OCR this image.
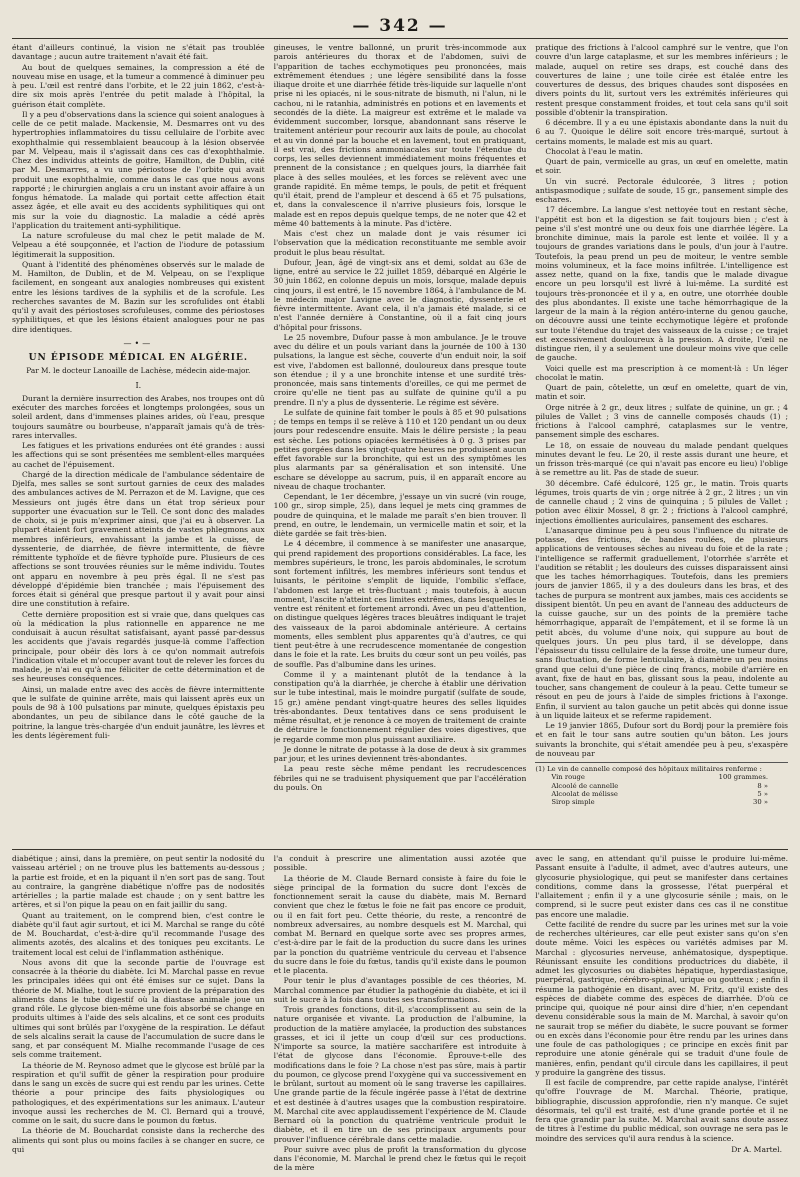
— 342 —

étant d'ailleurs continué, la vision ne s'était pas troublée davantage ; aucun autre traitement n'avait été fait.

Au bout de quelques semaines, la compression a été de nouveau mise en usage, et la tumeur a commencé à diminuer peu à peu. L'œil est rentré dans l'orbite, et le 22 juin 1862, c'est-à-dire six mois après l'entrée du petit malade à l'hôpital, la guérison était complète.

Il y a peu d'observations dans la science qui soient analogues à celle de ce petit malade. Mackensie, M. Desmarres ont vu des hypertrophies inflammatoires du tissu cellulaire de l'orbite avec exophthalmie qui ressemblaient beaucoup à la lésion observée par M. Velpeau, mais il s'agissait dans ces cas d'exophthalmie. Chez des individus atteints de goitre, Hamilton, de Dublin, cité par M. Desmarres, a vu une périostose de l'orbite qui avait produit une exophthalmie, comme dans le cas que nous avons rapporté ; le chirurgien anglais a cru un instant avoir affaire à un fongus hématode. La malade qui portait cette affection était assez âgée, et elle avait eu des accidents syphilitiques qui ont mis sur la voie du diagnostic. La maladie a cédé après l'application du traitement anti-syphilitique.

La nature scrofuleuse du mal chez le petit malade de M. Velpeau a été soupçonnée, et l'action de l'iodure de potassium légitimerait la supposition.

Quant à l'identité des phénomènes observés sur le malade de M. Hamilton, de Dublin, et de M. Velpeau, on se l'explique facilement, en songeant aux analogies nombreuses qui existent entre les lésions tardives de la syphilis et de la scrofule. Les recherches savantes de M. Bazin sur les scrofulides ont établi qu'il y avait des périostoses scrofuleuses, comme des périostoses syphilitiques, et que les lésions étaient analogues pour ne pas dire identiques.

—•—
UN ÉPISODE MÉDICAL EN ALGÉRIE.
Par M. le docteur Lanoaille de Lachèse, médecin aide-major.
I.

Durant la dernière insurrection des Arabes, nos troupes ont dû exécuter des marches forcées et longtemps prolongées, sous un soleil ardent, dans d'immenses plaines arides, où l'eau, presque toujours saumâtre ou bourbeuse, n'apparaît jamais qu'à de très-rares intervalles.

Les fatigues et les privations endurées ont été grandes : aussi les affections qui se sont présentées me semblent-elles marquées au cachet de l'épuisement.

Chargé de la direction médicale de l'ambulance sédentaire de Djelfa, mes salles se sont surtout garnies de ceux des malades des ambulances actives de M. Perrazon et de M. Lavigne, que ces Messieurs ont jugés être dans un état trop sérieux pour supporter une évacuation sur le Tell. Ce sont donc des malades de choix, si je puis m'exprimer ainsi, que j'ai eu à observer. La plupart étaient fort gravement atteints de vastes phlegmons aux membres inférieurs, envahissant la jambe et la cuisse, de dyssenterie, de diarrhée, de fièvre intermittente, de fièvre rémittente typhoïde et de fièvre typhoïde pure. Plusieurs de ces affections se sont trouvées réunies sur le même individu. Toutes ont apparu en novembre à peu près égal. Il ne s'est pas développé d'épidémie bien tranchée ; mais l'épuisement des forces était si général que presque partout il y avait pour ainsi dire une constitution à refaire.

Cette dernière proposition est si vraie que, dans quelques cas où la médication la plus rationnelle en apparence ne me conduisait à aucun résultat satisfaisant, ayant passé par-dessus les accidents que j'avais regardés jusque-là comme l'affection principale, pour obéir dès lors à ce qu'on nommait autrefois l'indication vitale et m'occuper avant tout de relever les forces du malade, je n'ai eu qu'à me féliciter de cette détermination et de ses heureuses conséquences.

Ainsi, un malade entre avec des accès de fièvre intermittente que le sulfate de quinine arrête, mais qui laissent après eux un pouls de 98 à 100 pulsations par minute, quelques épistaxis peu abondantes, un peu de sibilance dans le côté gauche de la poitrine, la langue très-chargée d'un enduit jaunâtre, les lèvres et les dents légèrement fuli-

gineuses, le ventre ballonné, un prurit très-incommode aux parois antérieures du thorax et de l'abdomen, suivi de l'apparition de taches ecchymotiques peu prononcées, mais extrêmement étendues ; une légère sensibilité dans la fosse iliaque droite et une diarrhée fétide très-liquide sur laquelle n'ont prise ni les opiacés, ni le sous-nitrate de bismuth, ni l'alun, ni le cachou, ni le ratanhia, administrés en potions et en lavements et secondés de la diète. La maigreur est extrême et le malade va évidemment succomber, lorsque, abandonnant sans réserve le traitement antérieur pour recourir aux laits de poule, au chocolat et au vin donné par la bouche et en lavement, tout en pratiquant, il est vrai, des frictions ammoniacales sur toute l'étendue du corps, les selles deviennent immédiatement moins fréquentes et prennent de la consistance ; en quelques jours, la diarrhée fait place à des selles moulées, et les forces se relèvent avec une grande rapidité. En même temps, le pouls, de petit et fréquent qu'il était, prend de l'ampleur et descend à 65 et 75 pulsations, et, dans la convalescence il n'arrive plusieurs fois, lorsque le malade est en repos depuis quelque temps, de ne noter que 42 et même 40 battements à la minute. Pas d'ictère.

Mais c'est chez un malade dont je vais résumer ici l'observation que la médication reconstituante me semble avoir produit le plus beau résultat.

Dufour, Jean, âgé de vingt-six ans et demi, soldat au 63e de ligne, entré au service le 22 juillet 1859, débarqué en Algérie le 30 juin 1862, en colonne depuis un mois, lorsque, malade depuis cinq jours, il est entré, le 15 novembre 1864, à l'ambulance de M. le médecin major Lavigne avec le diagnostic, dyssenterie et fièvre intermittente. Avant cela, il n'a jamais été malade, si ce n'est l'année dernière à Constantine, où il a fait cinq jours d'hôpital pour frissons.

Le 25 novembre, Dufour passe à mon ambulance. Je le trouve avec du délire et un pouls variant dans la journée de 100 à 130 pulsations, la langue est sèche, couverte d'un enduit noir, la soif est vive, l'abdomen est ballonné, douloureux dans presque toute son étendue ; il y a une bronchite intense et une surdité très-prononcée, mais sans tintements d'oreilles, ce qui me permet de croire qu'elle ne tient pas au sulfate de quinine qu'il a pu prendre. Il n'y a plus de dyssenterie. Le régime est sévère.

Le sulfate de quinine fait tomber le pouls à 85 et 90 pulsations ; de temps en temps il se relève à 110 et 120 pendant un ou deux jours pour redescendre ensuite. Mais le délire persiste ; la peau est sèche. Les potions opiacées kermétisées à 0 g. 3 prises par petites gorgées dans les vingt-quatre heures ne produisent aucun effet favorable sur la bronchite, qui est un des symptômes les plus alarmants par sa généralisation et son intensité. Une eschare se développe au sacrum, puis, il en apparaît encore au niveau de chaque trochanter.

Cependant, le 1er décembre, j'essaye un vin sucré (vin rouge, 100 gr., sirop simple, 25), dans lequel je mets cinq grammes de poudre de quinquina, et le malade me paraît s'en bien trouver. Il prend, en outre, le lendemain, un vermicelle matin et soir, et la diète gardée se fait très-bien.

Le 4 décembre, il commence à se manifester une anasarque, qui prend rapidement des proportions considérables. La face, les membres supérieurs, le tronc, les parois abdominales, le scrotum sont fortement infiltrés, les membres inférieurs sont tendus et luisants, le péritoine s'emplit de liquide, l'ombilic s'efface, l'abdomen est large et très-fluctuant ; mais toutefois, à aucun moment, l'ascite n'atteint ces limites extrêmes, dans lesquelles le ventre est rénitent et fortement arrondi. Avec un peu d'attention, on distingue quelques légères traces bleuâtres indiquant le trajet des vaisseaux de la paroi abdominale antérieure. A certains moments, elles semblent plus apparentes qu'à d'autres, ce qui tient peut-être à une recrudescence momentanée de congestion dans le foie et la rate. Les bruits du cœur sont un peu voilés, pas de souffle. Pas d'albumine dans les urines.

Comme il y a maintenant plutôt de la tendance à la constipation qu'à la diarrhée, je cherche à établir une dérivation sur le tube intestinal, mais le moindre purgatif (sulfate de soude, 15 gr.) amène pendant vingt-quatre heures des selles liquides très-abondantes. Deux tentatives dans ce sens produisent le même résultat, et je renonce à ce moyen de traitement de crainte de détruire le fonctionnement régulier des voies digestives, que je regarde comme mon plus puissant auxiliaire.

Je donne le nitrate de potasse à la dose de deux à six grammes par jour, et les urines deviennent très-abondantes.

La peau reste sèche même pendant les recrudescences fébriles qui ne se traduisent physiquement que par l'accélération du pouls. On

pratique des frictions à l'alcool camphré sur le ventre, que l'on couvre d'un large cataplasme, et sur les membres inférieurs ; le malade, auquel on retire ses draps, est couché dans des couvertures de laine ; une toile cirée est étalée entre les couvertures de dessus, des briques chaudes sont disposées en divers points du lit, surtout vers les extrémités inférieures qui restent presque constamment froides, et tout cela sans qu'il soit possible d'obtenir la transpiration.

6 décembre. Il y a eu une épistaxis abondante dans la nuit du 6 au 7. Quoique le délire soit encore très-marqué, surtout à certains moments, le malade est mis au quart.

Chocolat à l'eau le matin.

Quart de pain, vermicelle au gras, un œuf en omelette, matin et soir.

Un vin sucré. Pectorale édulcorée, 3 litres ; potion antispasmodique ; sulfate de soude, 15 gr., pansement simple des eschares.

17 décembre. La langue s'est nettoyée tout en restant sèche, l'appétit est bon et la digestion se fait toujours bien ; c'est à peine s'il s'est montré une ou deux fois une diarrhée légère. La bronchite diminue, mais la parole est lente et voilée. Il y a toujours de grandes variations dans le pouls, d'un jour à l'autre. Toutefois, la peau prend un peu de moiteur, le ventre semble moins volumineux, et la face moins infiltrée. L'intelligence est assez nette, quand on la fixe, tandis que le malade divague encore un peu lorsqu'il est livré à lui-même. La surdité est toujours très-prononcée et il y a, en outre, une otorrhée double des plus abondantes. Il existe une tache hémorrhagique de la largeur de la main à la région antéro-interne du genou gauche, on découvre aussi une teinte ecchymotique légère et profonde sur toute l'étendue du trajet des vaisseaux de la cuisse ; ce trajet est excessivement douloureux à la pression. A droite, l'œil ne distingue rien, il y a seulement une douleur moins vive que celle de gauche.

Voici quelle est ma prescription à ce moment-là : Un léger chocolat le matin.

Quart de pain, côtelette, un œuf en omelette, quart de vin, matin et soir.

Orge nitrée à 2 gr., deux litres ; sulfate de quinine, un gr. ; 4 pilules de Vallet ; 3 vins de cannelle composés chauds (1) ; frictions à l'alcool camphré, cataplasmes sur le ventre, pansement simple des eschares.

Le 18, on essaie de nouveau du malade pendant quelques minutes devant le feu. Le 20, il reste assis durant une heure, et un frisson très-marqué (ce qui n'avait pas encore eu lieu) l'oblige à se remettre au lit. Pas de stade de sueur.

30 décembre. Café édulcoré, 125 gr., le matin. Trois quarts légumes, trois quarts de vin ; orge nitrée à 2 gr., 2 litres ; un vin de cannelle chaud ; 2 vins de quinquina ; 5 pilules de Vallet ; potion avec élixir Mossel, 8 gr. 2 ; frictions à l'alcool camphré, injections émollientes auriculaires, pansement des eschares.

L'anasarque diminue peu à peu sous l'influence du nitrate de potasse, des frictions, de bandes roulées, de plusieurs applications de ventouses sèches au niveau du foie et de la rate ; l'intelligence se raffermit graduellement, l'otorrhée s'arrête et l'audition se rétablit ; les douleurs des cuisses disparaissent ainsi que les taches hémorrhagiques. Toutefois, dans les premiers jours de janvier 1865, il y a des douleurs dans les bras, et des taches de purpura se montrent aux jambes, mais ces accidents se dissipent bientôt. Un peu en avant de l'anneau des adducteurs de la cuisse gauche, sur un des points de la première tache hémorrhagique, apparaît de l'empâtement, et il se forme là un petit abcès, du volume d'une noix, qui suppure au bout de quelques jours. Un peu plus tard, il se développe, dans l'épaisseur du tissu cellulaire de la fesse droite, une tumeur dure, sans fluctuation, de forme lenticulaire, à diamètre un peu moins grand que celui d'une pièce de cinq francs, mobile d'arrière en avant, fixe de haut en bas, glissant sous la peau, indolente au toucher, sans changement de couleur à la peau. Cette tumeur se résout en peu de jours à l'aide de simples frictions à l'axonge. Enfin, il survient au talon gauche un petit abcès qui donne issue à un liquide laiteux et se referme rapidement.

Le 19 janvier 1865, Dufour sort du Bordj pour la première fois et en fait le tour sans autre soutien qu'un bâton. Les jours suivants la bronchite, qui s'était amendée peu à peu, s'exaspère de nouveau par

(1) Le vin de cannelle composé des hôpitaux militaires renferme :
100 grammes.
Vin rouge
8 »
Alcoolé de cannelle
5 »
Alcoolat de mélisse
30 »
Sirop simple

diabétique ; ainsi, dans la première, on peut sentir la nodosité du vaisseau artériel ; on ne trouve plus les battements au-dessous ; la partie est froide, et en la piquant il n'en sort pas de sang. Tout au contraire, la gangrène diabétique n'offre pas de nodosités artérielles ; la partie malade est chaude ; on y sent battre les artères, et si l'on pique la peau on en fait jaillir du sang.

Quant au traitement, on le comprend bien, c'est contre le diabète qu'il faut agir surtout, et ici M. Marchal se range du côté de M. Bouchardat, c'est-à-dire qu'il recommande l'usage des aliments azotés, des alcalins et des toniques peu excitants. Le traitement local est celui de l'inflammation asthénique.

Nous avons dit que la seconde partie de l'ouvrage est consacrée à la théorie du diabète. Ici M. Marchal passe en revue les principales idées qui ont été émises sur ce sujet. Dans la théorie de M. Mialhe, tout le sucre provient de la préparation des aliments dans le tube digestif où la diastase animale joue un grand rôle. Le glycose bien-même une fois absorbé se change en produits ultimes à l'aide des sels alcalins, et ce sont ces produits ultimes qui sont brûlés par l'oxygène de la respiration. Le défaut de sels alcalins serait la cause de l'accumulation de sucre dans le sang, et par conséquent M. Mialhe recommande l'usage de ces sels comme traitement.

La théorie de M. Reynoso admet que le glycose est brûlé par la respiration et qu'il suffit de gêner la respiration pour produire dans le sang un excès de sucre qui est rendu par les urines. Cette théorie a pour principe des faits physiologiques ou pathologiques, et des expérimentations sur les animaux. L'auteur invoque aussi les recherches de M. Cl. Bernard qui a trouvé, comme on le sait, du sucre dans le poumon du fœtus.

La théorie de M. Bouchardat consiste dans la recherche des aliments qui sont plus ou moins faciles à se changer en sucre, ce qui

l'a conduit à prescrire une alimentation aussi azotée que possible.

La théorie de M. Claude Bernard consiste à faire du foie le siège principal de la formation du sucre dont l'excès de fonctionnement serait la cause du diabète, mais M. Bernard convient que chez le fœtus le foie ne fait pas encore ce produit, ou il en fait fort peu. Cette théorie, du reste, a rencontré de nombreux adversaires, au nombre desquels est M. Marchal, qui combat M. Bernard en quelque sorte avec ses propres armes, c'est-à-dire par le fait de la production du sucre dans les urines par la ponction du quatrième ventricule du cerveau et l'absence du sucre dans le foie du fœtus, tandis qu'il existe dans le poumon et le placenta.

Pour tenir le plus d'avantages possible de ces théories, M. Marchal commence par étudier la pathogénie du diabète, et ici il suit le sucre à la fois dans toutes ses transformations.

Trois grandes fonctions, dit-il, s'accomplissent au sein de la nature organisée et vivante. La production de l'albumine, la production de la matière amylacée, la production des substances grasses, et ici il jette un coup d'œil sur ces productions. N'importe sa source, la matière saccharifère est introduite à l'état de glycose dans l'économie. Éprouve-t-elle des modifications dans le foie ? La chose n'est pas sûre, mais à partir du poumon, ce glycose prend l'oxygène qui va successivement en le brûlant, surtout au moment où le sang traverse les capillaires. Une grande partie de la fécule ingérée passe à l'état de dextrine et est destinée à d'autres usages que la combustion respiratoire. M. Marchal cite avec applaudissement l'expérience de M. Claude Bernard où la ponction du quatrième ventricule produit le diabète, et il en tire un de ses principaux arguments pour prouver l'influence cérébrale dans cette maladie.

Pour suivre avec plus de profit la transformation du glycose dans l'économie, M. Marchal le prend chez le fœtus qui le reçoit de la mère

avec le sang, en attendant qu'il puisse le produire lui-même. Passant ensuite à l'adulte, il admet, avec d'autres auteurs, une glycosurie physiologique, qui peut se manifester dans certaines conditions, comme dans la grossesse, l'état puerpéral et l'allaitement ; enfin il y a une glycosurie sénile ; mais, on le comprend, si le sucre peut exister dans ces cas il ne constitue pas encore une maladie.

Cette facilité de rendre du sucre par les urines met sur la voie de recherches ultérieures, car elle peut exister sans qu'on s'en doute même. Voici les espèces ou variétés admises par M. Marchal : glycosuries nerveuse, anhématosique, dyspeptique. Réunissant ensuite les conditions productrices du diabète, il admet les glycosuries ou diabètes hépatique, hyperdiastasique, puerpéral, gastrique, cérébro-spinal, urique ou goutteux ; enfin il résume la pathogénie en disant, avec M. Fritz, qu'il existe des espèces de diabète comme des espèces de diarrhée. D'où ce principe qui, quoique né pour ainsi dire d'hier, n'en cependant devenu considérable sous la main de M. Marchal, à savoir qu'on ne saurait trop se méfier du diabète, le sucre pouvant se former ou en excès dans l'économie pour être rendu par les urines dans une foule de cas pathologiques ; ce principe en excès finit par reproduire une atonie générale qui se traduit d'une foule de manières, enfin, pendant qu'il circule dans les capillaires, il peut y produire la gangrène des tissus.

Il est facile de comprendre, par cette rapide analyse, l'intérêt qu'offre l'ouvrage de M. Marchal. Théorie, pratique, bibliographie, discussion approfondie, rien n'y manque. Ce sujet désormais, tel qu'il est traité, est d'une grande portée et il ne fera que grandir par la suite. M. Marchal avait sans doute assez de titres à l'estime du public médical, son ouvrage ne sera pas le moindre des services qu'il aura rendus à la science.

Dr A. Martel.
